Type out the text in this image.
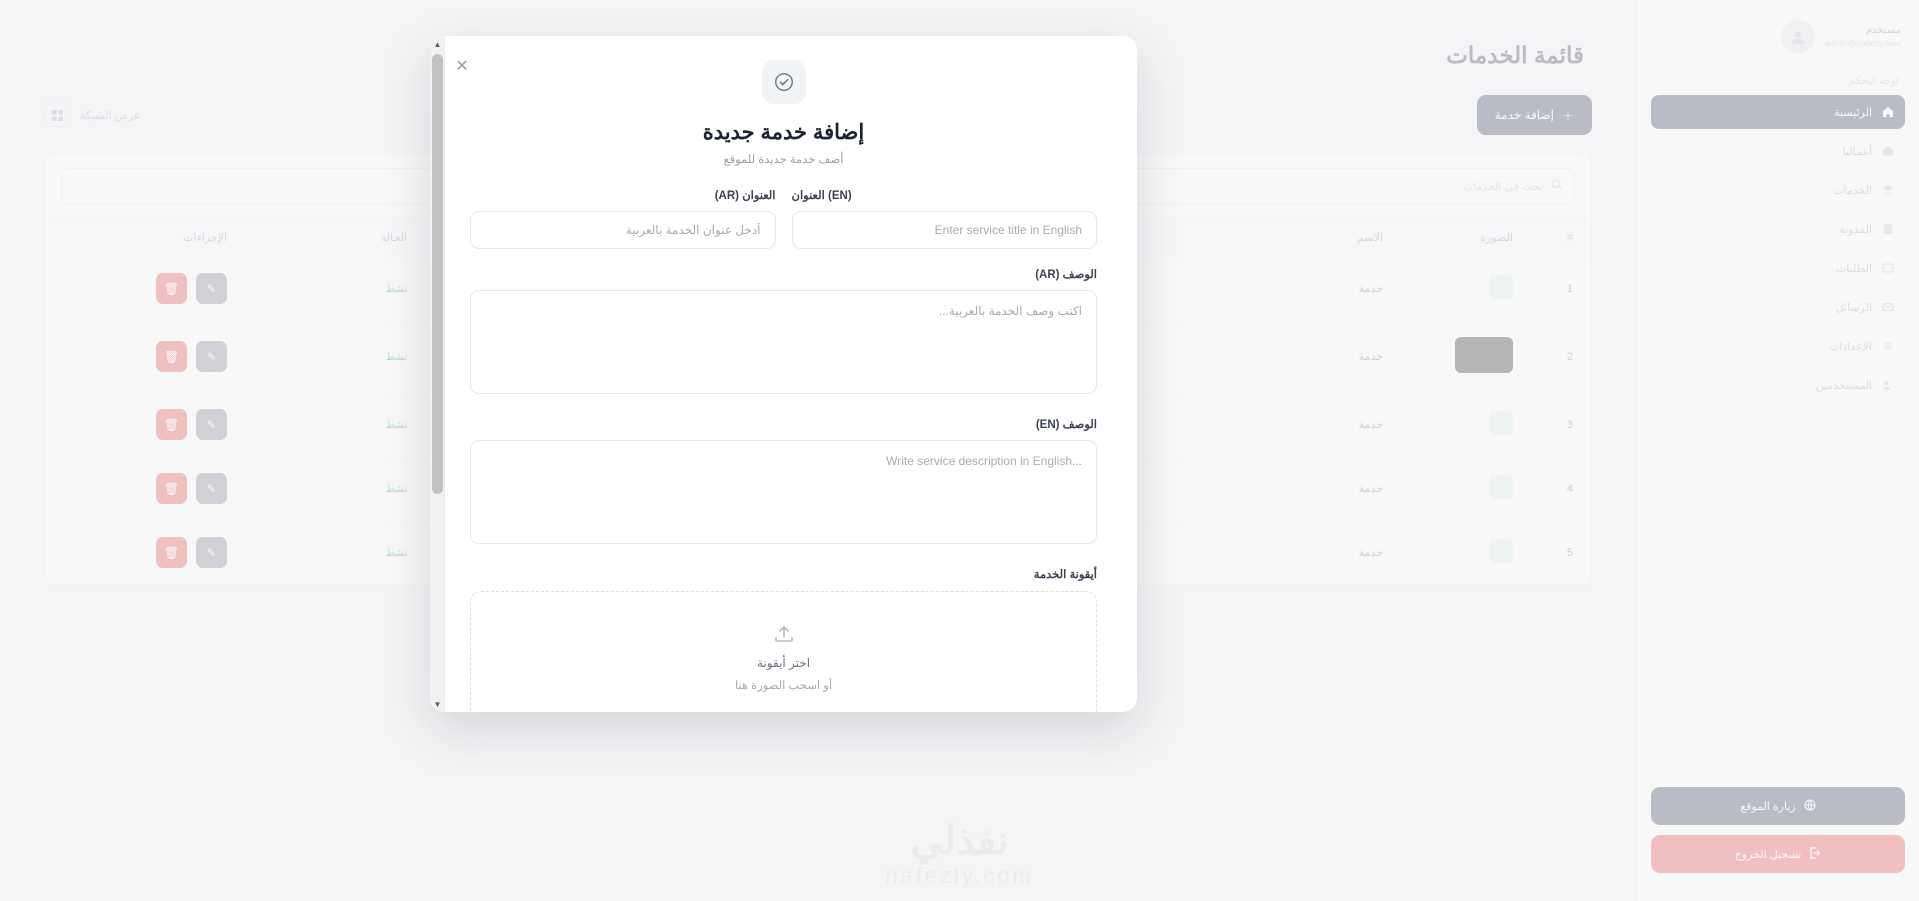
إضافة خدمة جديدة
أضف خدمة جديدة للموقع
العنوان (EN)
Enter service title in English
العنوان (AR)
أدخل عنوان الخدمة بالعربية
الوصف (AR)
اكتب وصف الخدمة بالعربية...
الوصف (EN)
Write service description in English...
أيقونة الخدمة
اختر أيقونة
أو اسحب الصورة هنا
✕
▲
▼
